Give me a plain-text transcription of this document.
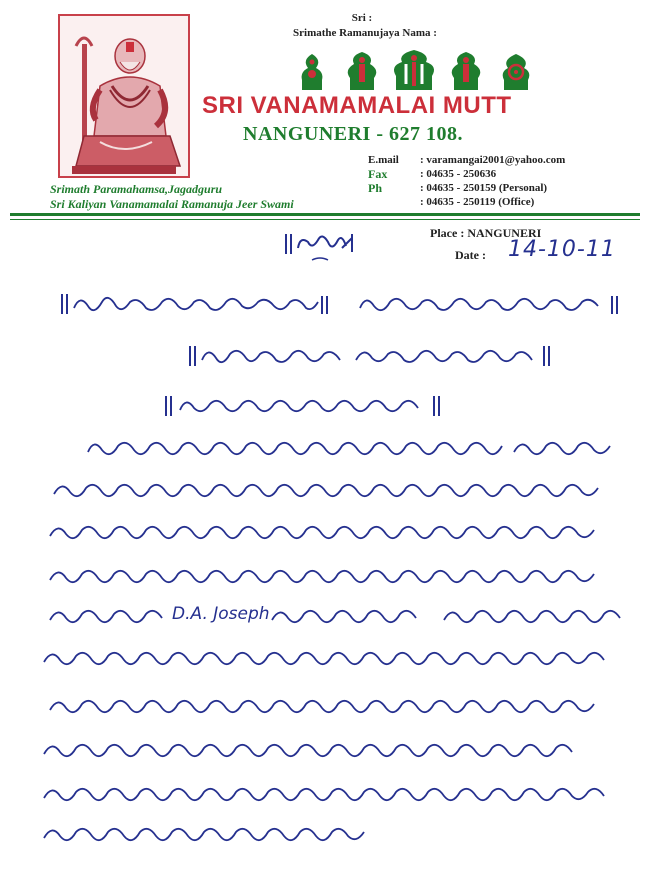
Sri :
Srimathe Ramanujaya Nama :
SRI VANAMAMALAI MUTT
NANGUNERI - 627 108.
Srimath Paramahamsa,Jagadguru
Sri Kaliyan Vanamamalai Ramanuja Jeer Swami
E.mail	: varamangai2001@yahoo.com
Fax	: 04635 - 250636
Ph	: 04635 - 250159 (Personal)
: 04635 - 250119 (Office)
Place : NANGUNERI
Date : 14-10-11
D.A. Joseph
